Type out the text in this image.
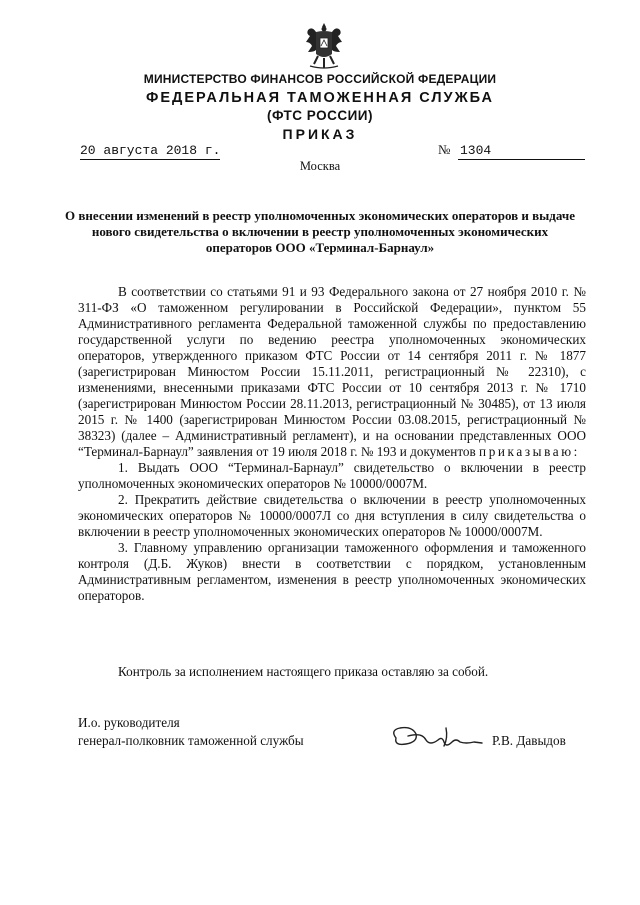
МИНИСТЕРСТВО ФИНАНСОВ РОССИЙСКОЙ ФЕДЕРАЦИИ
ФЕДЕРАЛЬНАЯ ТАМОЖЕННАЯ СЛУЖБА
(ФТС РОССИИ)
ПРИКАЗ
20 августа 2018 г.	№ 1304
Москва

О внесении изменений в реестр уполномоченных экономических операторов и выдаче нового свидетельства о включении в реестр уполномоченных экономических операторов ООО «Терминал-Барнаул»

В соответствии со статьями 91 и 93 Федерального закона от 27 ноября 2010 г. № 311-ФЗ «О таможенном регулировании в Российской Федерации», пунктом 55 Административного регламента Федеральной таможенной службы по предоставлению государственной услуги по ведению реестра уполномоченных экономических операторов, утвержденного приказом ФТС России от 14 сентября 2011 г. № 1877 (зарегистрирован Минюстом России 15.11.2011, регистрационный № 22310), с изменениями, внесенными приказами ФТС России от 10 сентября 2013 г. № 1710 (зарегистрирован Минюстом России 28.11.2013, регистрационный № 30485), от 13 июля 2015 г. № 1400 (зарегистрирован Минюстом России 03.08.2015, регистрационный № 38323) (далее – Административный регламент), и на основании представленных ООО “Терминал-Барнаул” заявления от 19 июля 2018 г. № 193 и документов приказываю:

1. Выдать ООО “Терминал-Барнаул” свидетельство о включении в реестр уполномоченных экономических операторов № 10000/0007М.

2. Прекратить действие свидетельства о включении в реестр уполномоченных экономических операторов № 10000/0007Л со дня вступления в силу свидетельства о включении в реестр уполномоченных экономических операторов № 10000/0007М.

3. Главному управлению организации таможенного оформления и таможенного контроля (Д.Б. Жуков) внести в соответствии с порядком, установленным Административным регламентом, изменения в реестр уполномоченных экономических операторов.

Контроль за исполнением настоящего приказа оставляю за собой.
И.о. руководителя
генерал-полковник таможенной службы	Р.В. Давыдов
